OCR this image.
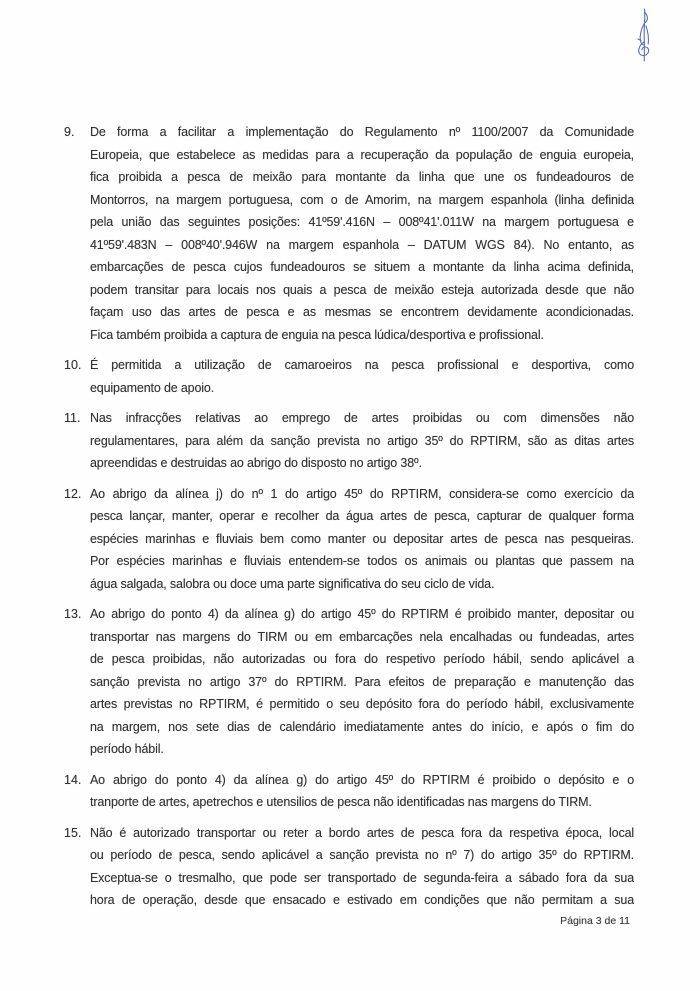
9.	De forma a facilitar a implementação do Regulamento nº 1100/2007 da Comunidade
Europeia, que estabelece as medidas para a recuperação da população de enguia europeia,
fica proibida a pesca de meixão para montante da linha que une os fundeadouros de
Montorros, na margem portuguesa, com o de Amorim, na margem espanhola (linha definida
pela união das seguintes posições: 41º59'.416N – 008º41'.011W na margem portuguesa e
41º59'.483N – 008º40'.946W na margem espanhola – DATUM WGS 84). No entanto, as
embarcações de pesca cujos fundeadouros se situem a montante da linha acima definida,
podem transitar para locais nos quais a pesca de meixão esteja autorizada desde que não
façam uso das artes de pesca e as mesmas se encontrem devidamente acondicionadas.
Fica também proibida a captura de enguia na pesca lúdica/desportiva e profissional.
10. É permitida a utilização de camaroeiros na pesca profissional e desportiva, como
equipamento de apoio.
11. Nas infracções relativas ao emprego de artes proibidas ou com dimensões não
regulamentares, para além da sanção prevista no artigo 35º do RPTIRM, são as ditas artes
apreendidas e destruidas ao abrigo do disposto no artigo 38º.
12. Ao abrigo da alínea j) do nº 1 do artigo 45º do RPTIRM, considera-se como exercício da
pesca lançar, manter, operar e recolher da água artes de pesca, capturar de qualquer forma
espécies marinhas e fluviais bem como manter ou depositar artes de pesca nas pesqueiras.
Por espécies marinhas e fluviais entendem-se todos os animais ou plantas que passem na
água salgada, salobra ou doce uma parte significativa do seu ciclo de vida.
13. Ao abrigo do ponto 4) da alínea g) do artigo 45º do RPTIRM é proibido manter, depositar ou
transportar nas margens do TIRM ou em embarcações nela encalhadas ou fundeadas, artes
de pesca proibidas, não autorizadas ou fora do respetivo período hábil, sendo aplicável a
sanção prevista no artigo 37º do RPTIRM. Para efeitos de preparação e manutenção das
artes previstas no RPTIRM, é permitido o seu depósito fora do período hábil, exclusivamente
na margem, nos sete dias de calendário imediatamente antes do início, e após o fim do
período hábil.
14. Ao abrigo do ponto 4) da alínea g) do artigo 45º do RPTIRM é proibido o depósito e o
tranporte de artes, apetrechos e utensilios de pesca não identificadas nas margens do TIRM.
15. Não é autorizado transportar ou reter a bordo artes de pesca fora da respetiva época, local
ou período de pesca, sendo aplicável a sanção prevista no nº 7) do artigo 35º do RPTIRM.
Exceptua-se o tresmalho, que pode ser transportado de segunda-feira a sábado fora da sua
hora de operação, desde que ensacado e estivado em condições que não permitam a sua
Página 3 de 11
